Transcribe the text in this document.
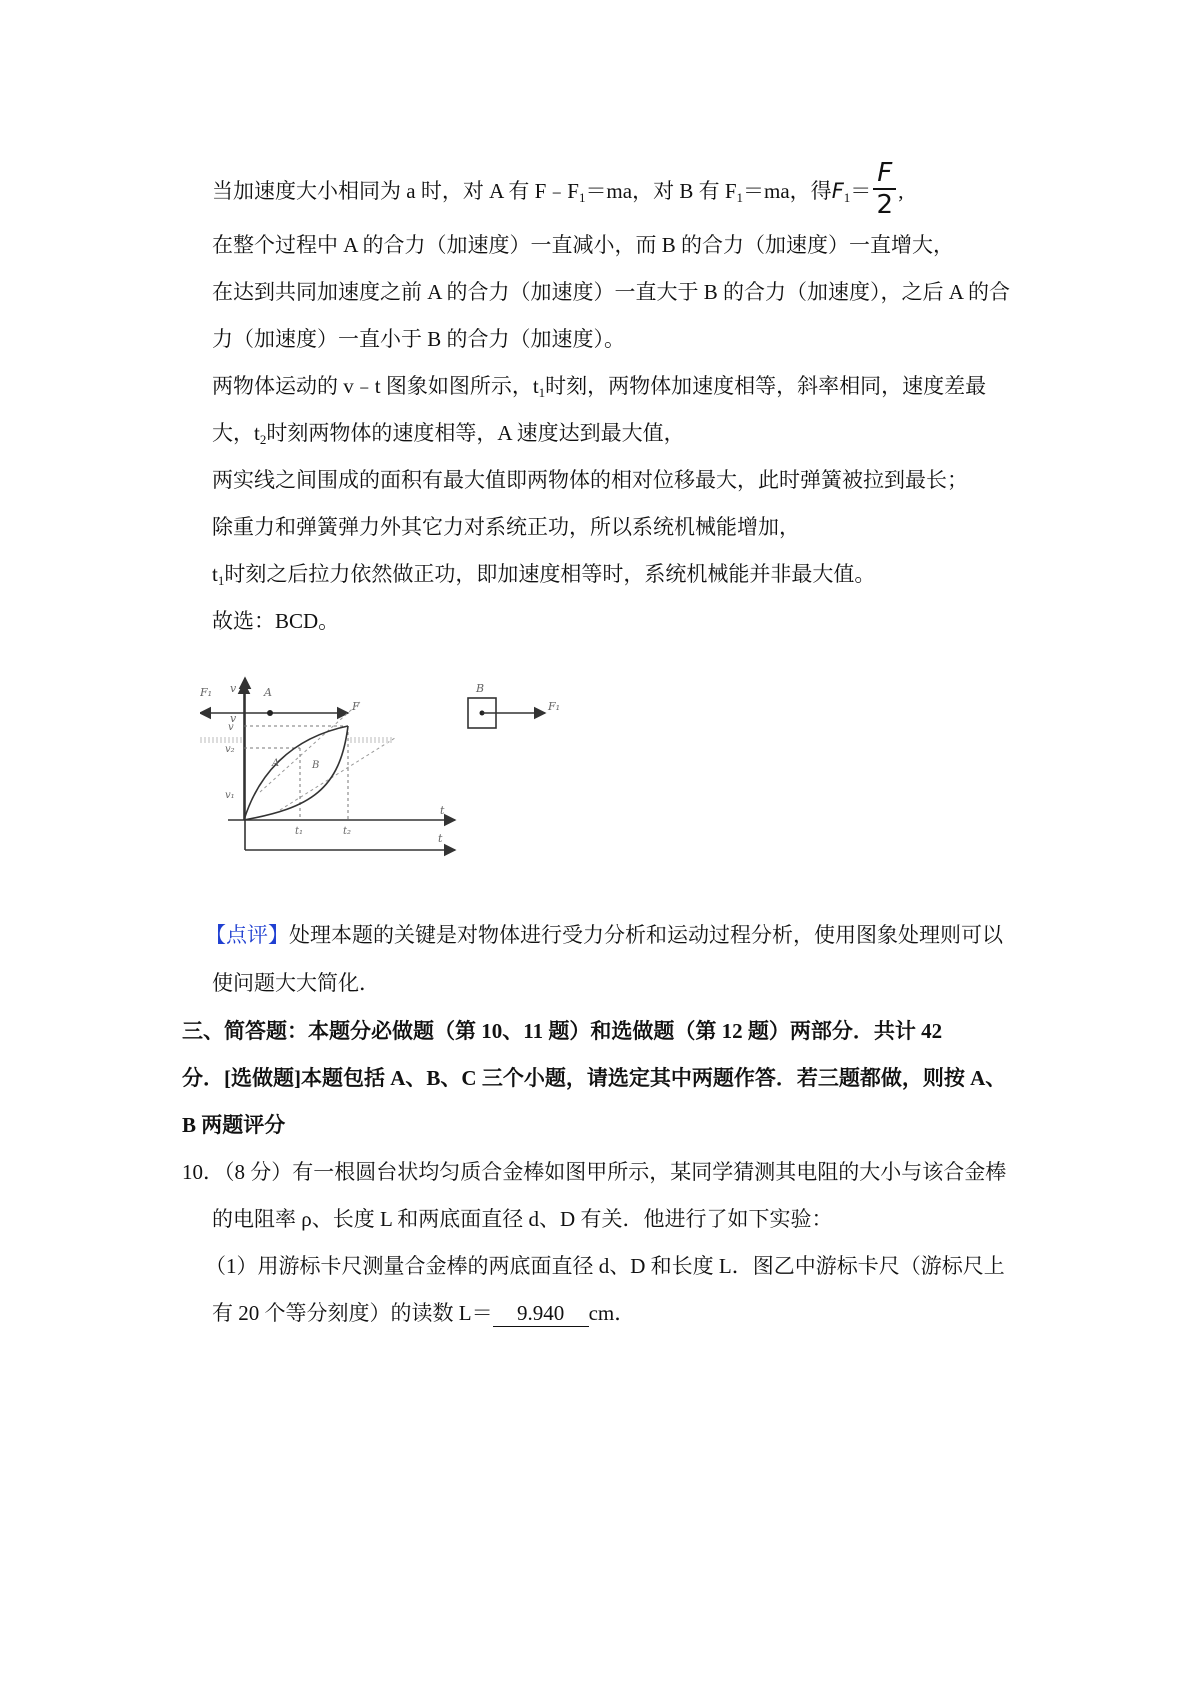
当加速度大小相同为 a 时，对 A 有 $F﹣F_1=ma$，对 B 有 $F_1=ma$，得$F_1= \frac{F}{2}$ ,
在整个过程中 A 的合力（加速度）一直减小，而 B 的合力（加速度）一直增大，
在达到共同加速度之前 A 的合力（加速度）一直大于 B 的合力（加速度），之后 A 的合
力（加速度）一直小于 B 的合力（加速度）。
两物体运动的 v﹣t 图象如图所示，$t_1$时刻，两物体加速度相等，斜率相同，速度差最
大，$t_2$时刻两物体的速度相等，A 速度达到最大值，
两实线之间围成的面积有最大值即两物体的相对位移最大，此时弹簧被拉到最长；
除重力和弹簧弹力外其它力对系统正功，所以系统机械能增加，
$t_1$时刻之后拉力依然做正功，即加速度相等时，系统机械能并非最大值。
故选：BCD。
F₁	A
F
B
F₁
v
t
v
t
v
v₂
v₁
t₁	t₂
A	B
【点评】处理本题的关键是对物体进行受力分析和运动过程分析，使用图象处理则可以
使问题大大简化．
三、简答题：本题分必做题（第 10、11 题）和选做题（第 12 题）两部分．共计 42
分．[选做题]本题包括 A、B、C 三个小题，请选定其中两题作答．若三题都做，则按 A、
B 两题评分
10．（8 分）有一根圆台状均匀质合金棒如图甲所示，某同学猜测其电阻的大小与该合金棒
的电阻率 ρ、长度 L 和两底面直径 d、D 有关．他进行了如下实验：
（1）用游标卡尺测量合金棒的两底面直径 d、D 和长度 L．图乙中游标卡尺（游标尺上
有 20 个等分刻度）的读数 L＝ 9.940 cm．
